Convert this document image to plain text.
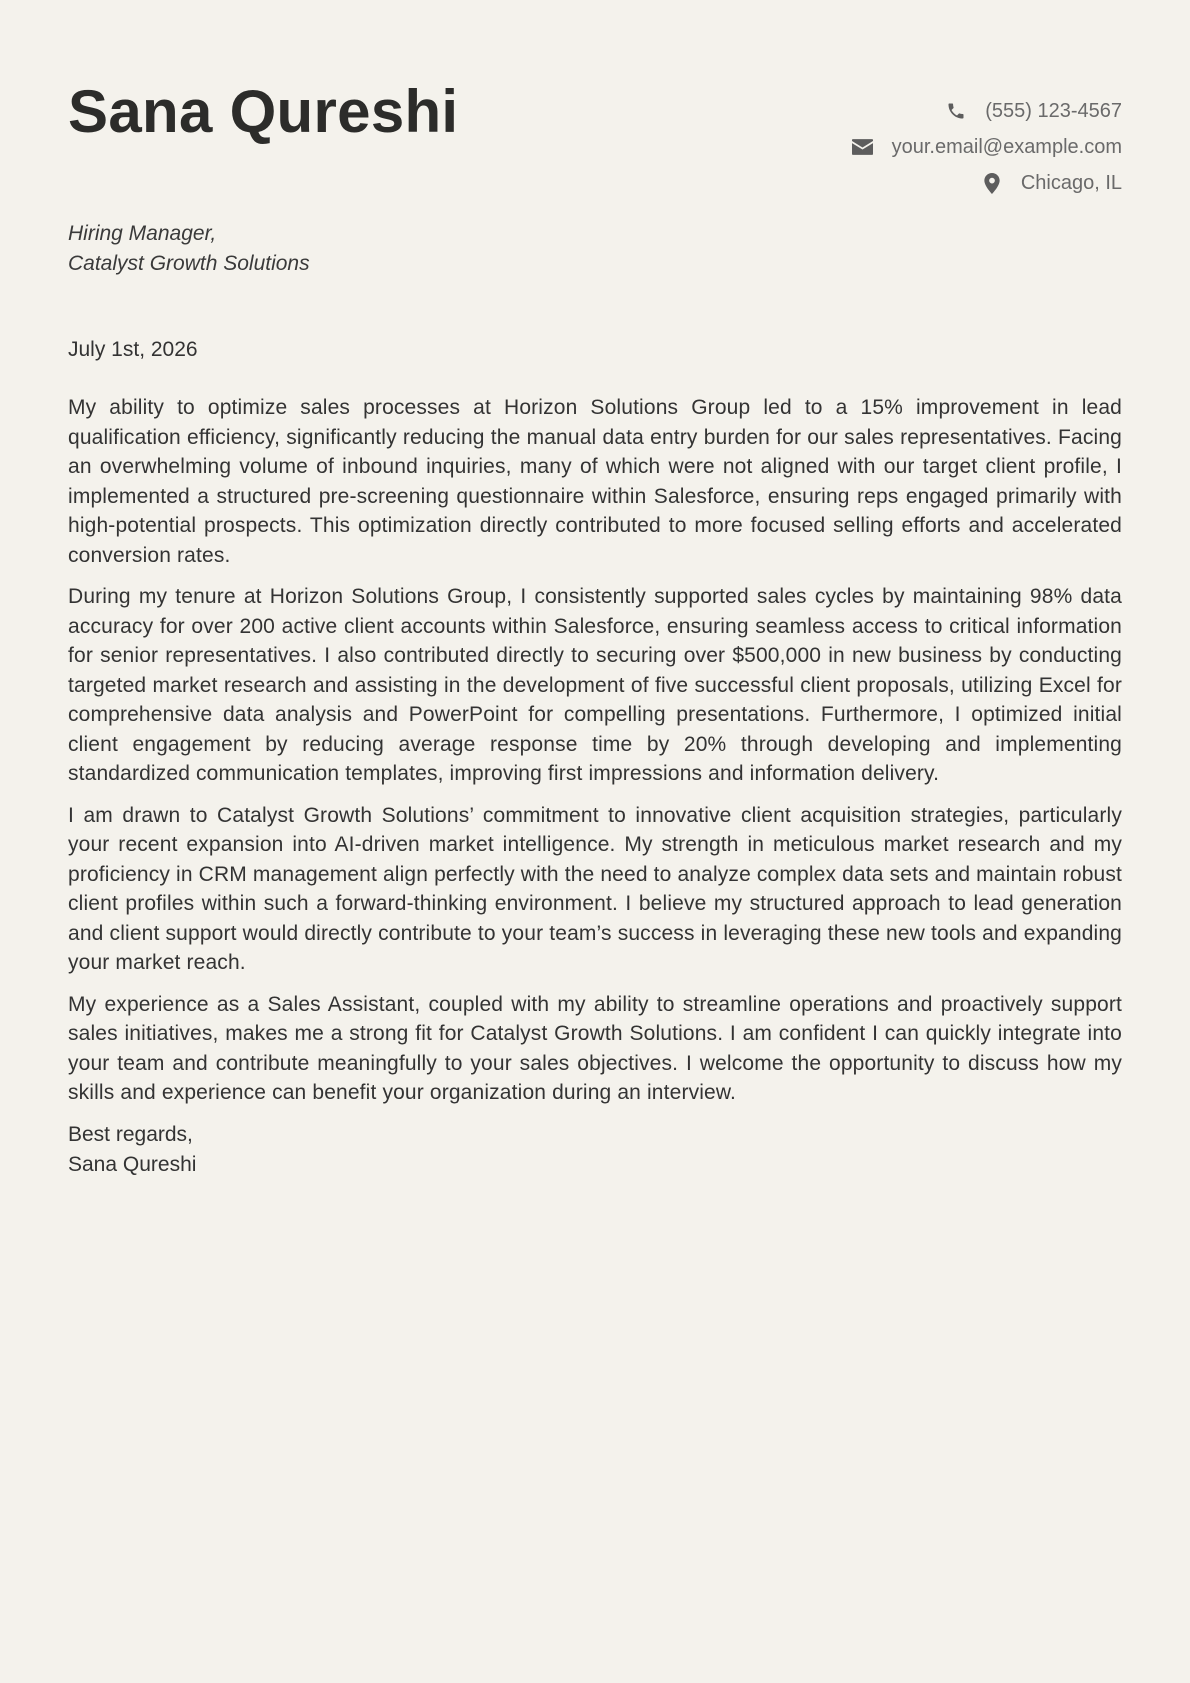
Sana Qureshi	(555) 123-4567
your.email@example.com
Chicago, IL
Hiring Manager,
Catalyst Growth Solutions
July 1st, 2026

My ability to optimize sales processes at Horizon Solutions Group led to a 15% improvement in lead qualification efficiency, significantly reducing the manual data entry burden for our sales representatives. Facing an overwhelming volume of inbound inquiries, many of which were not aligned with our target client profile, I implemented a structured pre-screening questionnaire within Salesforce, ensuring reps engaged primarily with high-potential prospects. This optimization directly contributed to more focused selling efforts and accelerated conversion rates.

During my tenure at Horizon Solutions Group, I consistently supported sales cycles by maintaining 98% data accuracy for over 200 active client accounts within Salesforce, ensuring seamless access to critical information for senior representatives. I also contributed directly to securing over $500,000 in new business by conducting targeted market research and assisting in the development of five successful client proposals, utilizing Excel for comprehensive data analysis and PowerPoint for compelling presentations. Furthermore, I optimized initial client engagement by reducing average response time by 20% through developing and implementing standardized communication templates, improving first impressions and information delivery.

I am drawn to Catalyst Growth Solutions’ commitment to innovative client acquisition strategies, particularly your recent expansion into AI-driven market intelligence. My strength in meticulous market research and my proficiency in CRM management align perfectly with the need to analyze complex data sets and maintain robust client profiles within such a forward-thinking environment. I believe my structured approach to lead generation and client support would directly contribute to your team’s success in leveraging these new tools and expanding your market reach.

My experience as a Sales Assistant, coupled with my ability to streamline operations and proactively support sales initiatives, makes me a strong fit for Catalyst Growth Solutions. I am confident I can quickly integrate into your team and contribute meaningfully to your sales objectives. I welcome the opportunity to discuss how my skills and experience can benefit your organization during an interview.

Best regards,
Sana Qureshi
